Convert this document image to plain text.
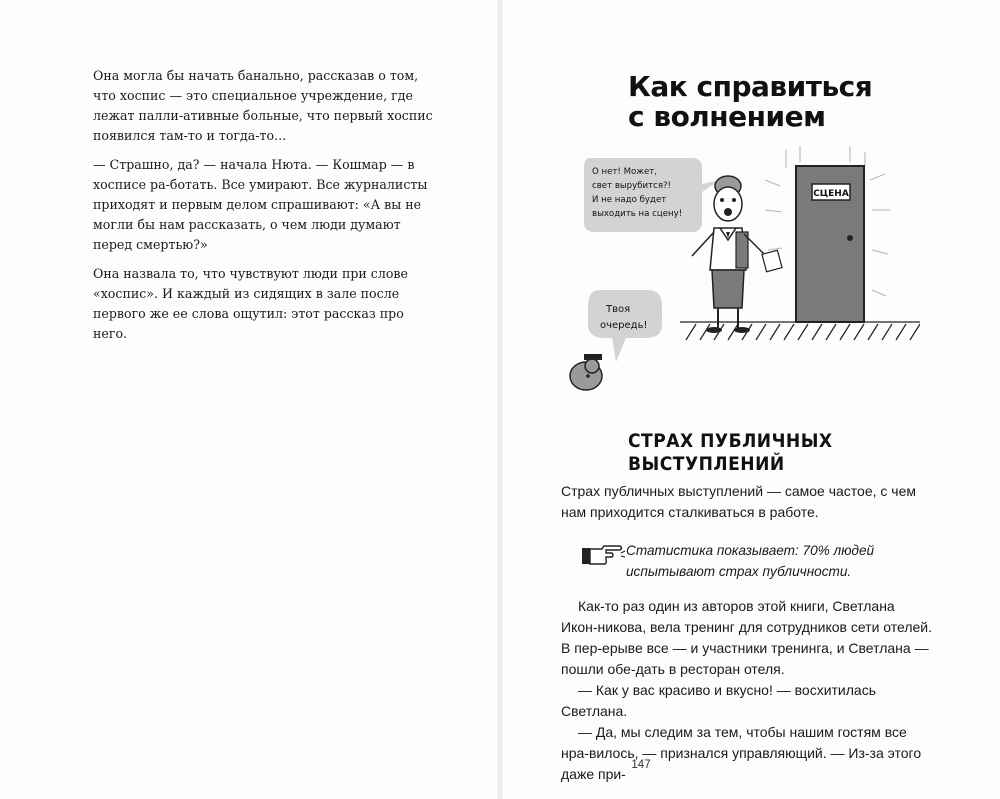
Она могла бы начать банально, рассказав о том, что хоспис — это специальное учреждение, где лежат палли-ативные больные, что первый хоспис появился там-то и тогда-то...

— Страшно, да? — начала Нюта. — Кошмар — в хосписе ра-ботать. Все умирают. Все журналисты приходят и первым делом спрашивают: «А вы не могли бы нам рассказать, о чем люди думают перед смертью?»

Она назвала то, что чувствуют люди при слове «хоспис». И каждый из сидящих в зале после первого же ее слова ощутил: этот рассказ про него.

Как справиться
с волнением
СЦЕНА
О нет! Может,
свет вырубится?!
И не надо будет
выходить на сцену!
Твоя
очередь!
СТРАХ ПУБЛИЧНЫХ
ВЫСТУПЛЕНИЙ

Страх публичных выступлений — самое частое, с чем нам приходится сталкиваться в работе.

Статистика показывает: 70% людей испытывают страх публичности.

Как-то раз один из авторов этой книги, Светлана Икон-никова, вела тренинг для сотрудников сети отелей. В пер-ерыве все — и участники тренинга, и Светлана — пошли обе-дать в ресторан отеля.

— Как у вас красиво и вкусно! — восхитилась Светлана.

— Да, мы следим за тем, чтобы нашим гостям все нра-вилось, — признался управляющий. — Из-за этого даже при-

147
